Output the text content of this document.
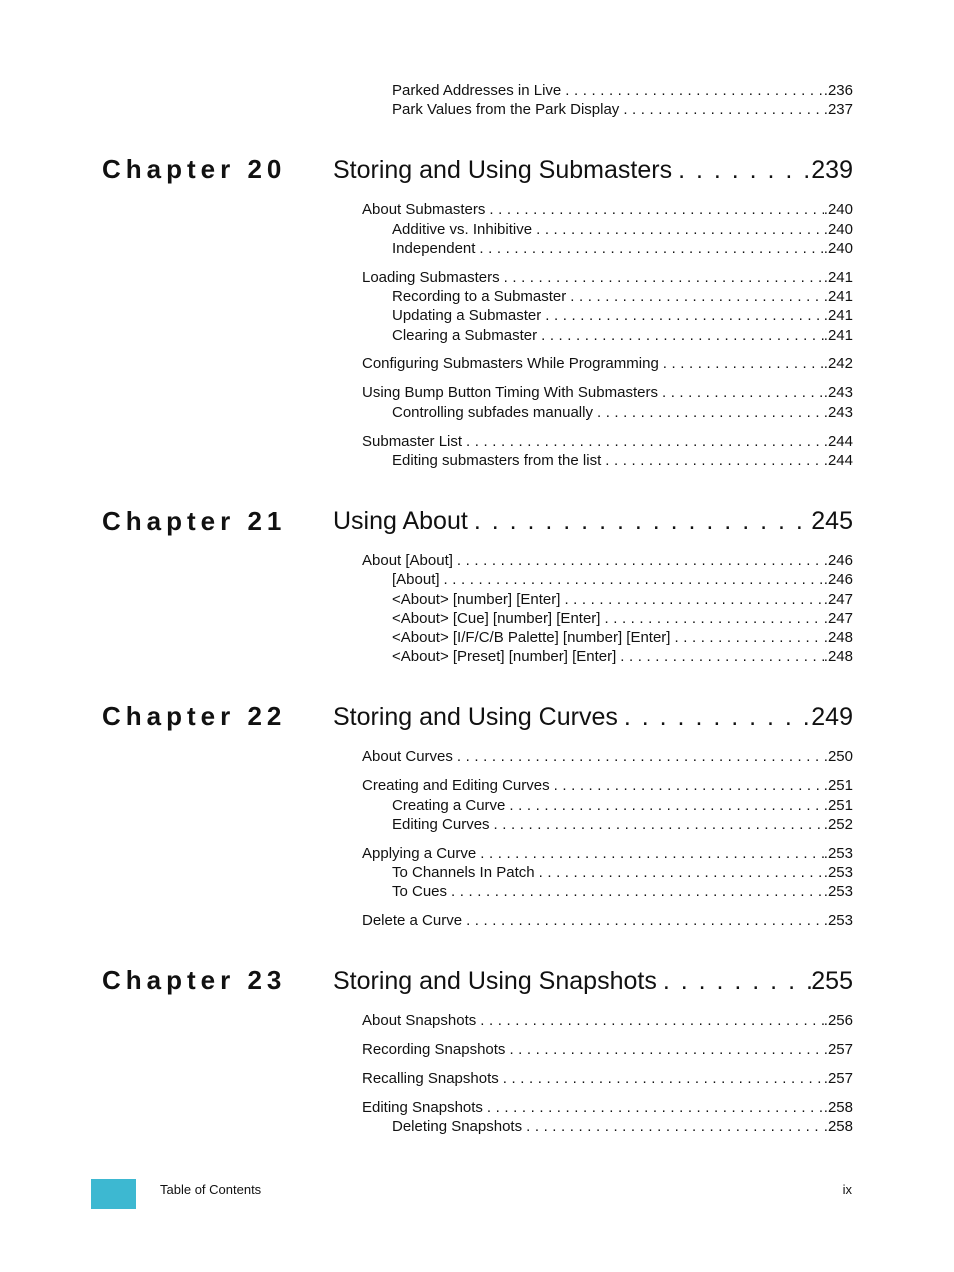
Parked Addresses in Live . . .	.236
Park Values from the Park Display . . .	.237
Chapter 20 Storing and Using Submasters . . .	239
About Submasters . . .	.240
Additive vs. Inhibitive . . .	.240
Independent . . .	.240
Loading Submasters . . .	.241
Recording to a Submaster . . .	.241
Updating a Submaster . . .	.241
Clearing a Submaster . . .	.241
Configuring Submasters While Programming . . .	.242
Using Bump Button Timing With Submasters . . .	.243
Controlling subfades manually . . .	.243
Submaster List . . .	.244
Editing submasters from the list . . .	.244
Chapter 21 Using About . . .	245
About [About] . . .	.246
[About] . . .	.246
<About> [number] [Enter] . . .	.247
<About> [Cue] [number] [Enter] . . .	.247
<About> [I/F/C/B Palette] [number] [Enter] . . .	.248
<About> [Preset] [number] [Enter] . . .	.248
Chapter 22 Storing and Using Curves . . .	249
About Curves . . .	.250
Creating and Editing Curves . . .	.251
Creating a Curve . . .	.251
Editing Curves . . .	.252
Applying a Curve . . .	.253
To Channels In Patch . . .	.253
To Cues . . .	.253
Delete a Curve . . .	.253
Chapter 23 Storing and Using Snapshots . . .	255
About Snapshots . . .	.256
Recording Snapshots . . .	.257
Recalling Snapshots . . .	.257
Editing Snapshots . . .	.258
Deleting Snapshots . . .	.258
Table of Contents	ix
